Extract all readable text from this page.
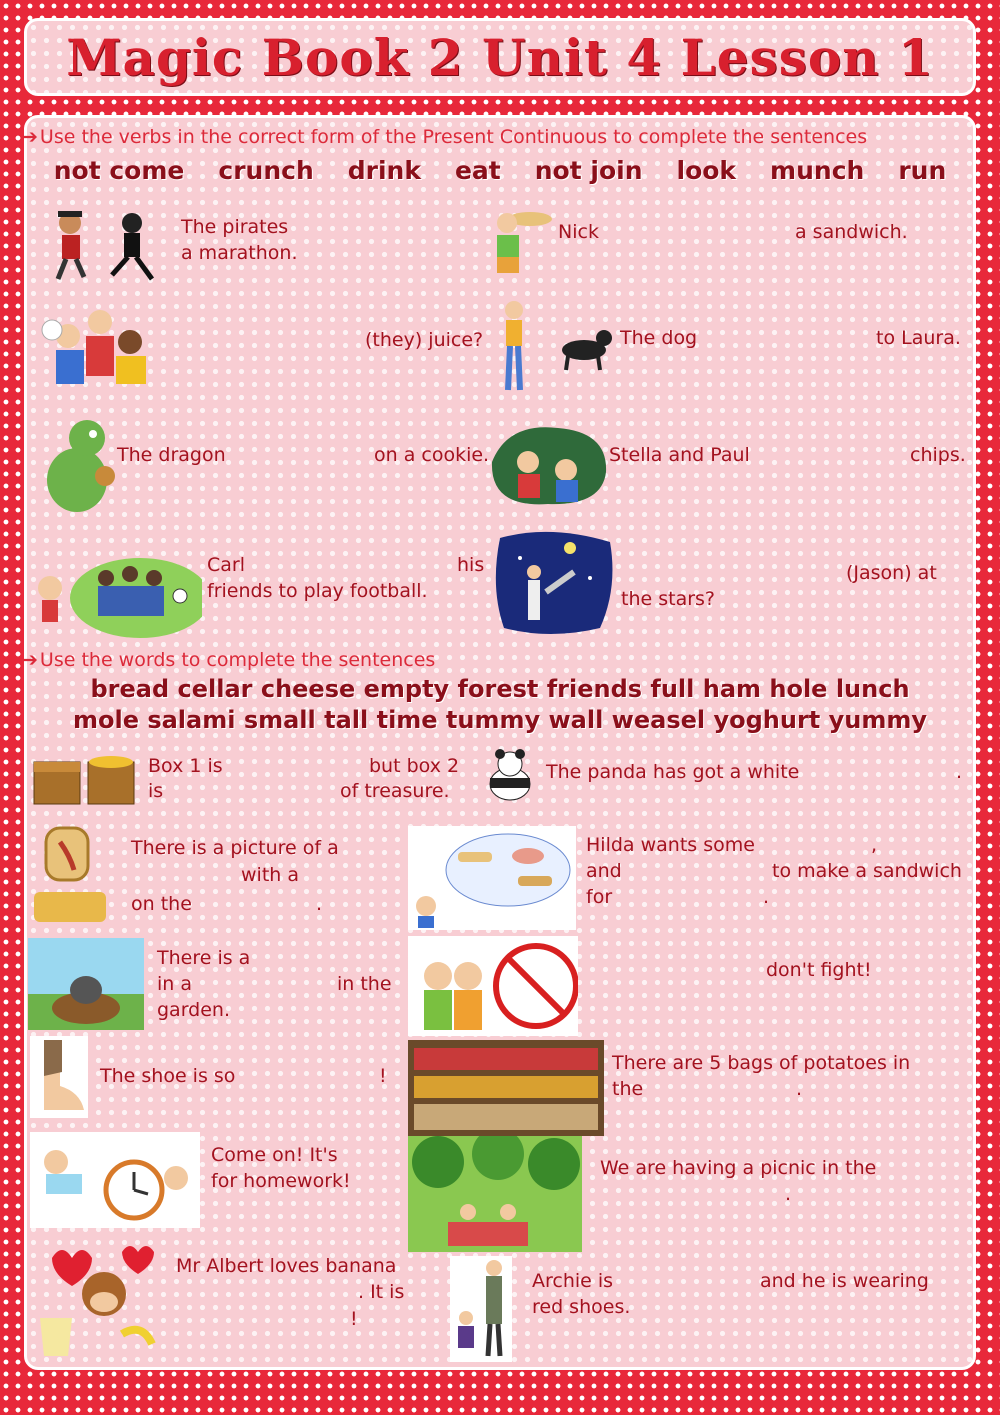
Magic Book 2 Unit 4 Lesson 1
➔ Use the verbs in the correct form of the Present Continuous to complete the sentences
not come crunch drink eat not join look munch run
The pirates
a marathon.
Nick	a sandwich.
(they) juice?	The dog	to Laura.
The dragon	on a cookie.	Stella and Paul	chips.
Carl	his
friends to play football.
(Jason) at
the stars?
➔ Use the words to complete the sentences
bread cellar cheese empty forest friends full ham hole lunch
mole salami small tall time tummy wall weasel yoghurt yummy
Box 1 is	but box 2
is	of treasure.
The panda has got a white	.
There is a picture of a
with a
on the	.
Hilda wants some	,
and	to make a sandwich
for	.
There is a
in a	in the
garden.
don't fight!
The shoe is so	!
There are 5 bags of potatoes in
the	.
Come on! It's
for homework!
We are having a picnic in the
.
Mr Albert loves banana
. It is
!
Archie is	and he is wearing
red shoes.
